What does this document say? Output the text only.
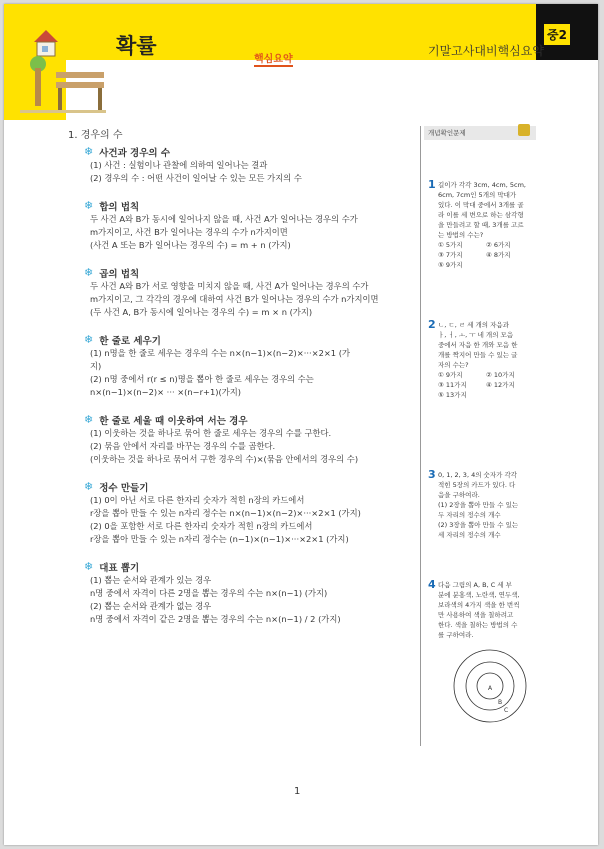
중2
확률
핵심요약
기말고사대비핵심요약
1. 경우의 수
❄ 사건과 경우의 수
(1) 사건 : 실험이나 관찰에 의하여 일어나는 결과
(2) 경우의 수 : 어떤 사건이 일어날 수 있는 모든 가지의 수
❄ 합의 법칙
두 사건 A와 B가 동시에 일어나지 않을 때, 사건 A가 일어나는 경우의 수가
m가지이고, 사건 B가 일어나는 경우의 수가 n가지이면
(사건 A 또는 B가 일어나는 경우의 수) = m + n (가지)
❄ 곱의 법칙
두 사건 A와 B가 서로 영향을 미치지 않을 때, 사건 A가 일어나는 경우의 수가
m가지이고, 그 각각의 경우에 대하여 사건 B가 일어나는 경우의 수가 n가지이면
(두 사건 A, B가 동시에 일어나는 경우의 수) = m × n (가지)
❄ 한 줄로 세우기
(1) n명을 한 줄로 세우는 경우의 수는 n×(n−1)×(n−2)×···×2×1 (가
지)
(2) n명 중에서 r(r ≤ n)명을 뽑아 한 줄로 세우는 경우의 수는
n×(n−1)×(n−2)× ··· ×(n−r+1)(가지)
❄ 한 줄로 세울 때 이웃하여 서는 경우
(1) 이웃하는 것을 하나로 묶어 한 줄로 세우는 경우의 수를 구한다.
(2) 묶음 안에서 자리를 바꾸는 경우의 수를 곱한다.
(이웃하는 것을 하나로 묶어서 구한 경우의 수)×(묶음 안에서의 경우의 수)
❄ 정수 만들기
(1) 0이 아닌 서로 다른 한자리 숫자가 적힌 n장의 카드에서
r장을 뽑아 만들 수 있는 n자리 정수는 n×(n−1)×(n−2)×···×2×1 (가지)
(2) 0을 포함한 서로 다른 한자리 숫자가 적힌 n장의 카드에서
r장을 뽑아 만들 수 있는 n자리 정수는 (n−1)×(n−1)×···×2×1 (가지)
❄ 대표 뽑기
(1) 뽑는 순서와 관계가 있는 경우
n명 중에서 자격이 다른 2명을 뽑는 경우의 수는 n×(n−1) (가지)
(2) 뽑는 순서와 관계가 없는 경우
n명 중에서 자격이 같은 2명을 뽑는 경우의 수는 n×(n−1) / 2 (가지)
개념확인문제
1 길이가 각각 3cm, 4cm, 5cm,
6cm, 7cm인 5개의 막대가
있다. 이 막대 중에서 3개를 골
라 이를 세 변으로 하는 삼각형
을 만들려고 할 때, 3개를 고르
는 방법의 수는?
① 5가지	② 6가지
③ 7가지	④ 8가지
⑤ 9가지
2 ㄴ, ㄷ, ㄹ 세 개의 자음과
ㅏ, ㅓ, ㅗ, ㅜ 네 개의 모음
중에서 자음 한 개와 모음 한
개를 짝지어 만들 수 있는 글
자의 수는?
① 9가지	② 10가지
③ 11가지	④ 12가지
⑤ 13가지
3 0, 1, 2, 3, 4의 숫자가 각각
적힌 5장의 카드가 있다. 다
음을 구하여라.
(1) 2장을 뽑아 만들 수 있는
두 자리의 정수의 개수
(2) 3장을 뽑아 만들 수 있는
세 자리의 정수의 개수
4 다음 그림의 A, B, C 세 부
분에 분홍색, 노란색, 연두색,
보라색의 4가지 색을 한 번씩
만 사용하여 색을 칠하려고
한다. 색을 칠하는 방법의 수
를 구하여라.
A
B
C
1
